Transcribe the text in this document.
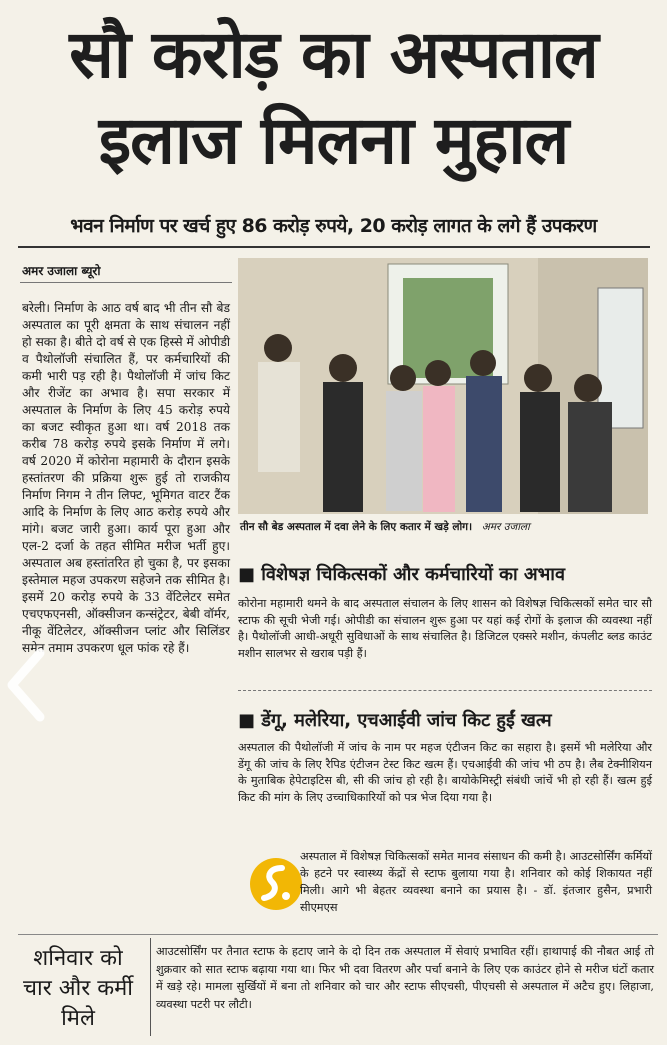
सौ करोड़ का अस्पताल
इलाज मिलना मुहाल
भवन निर्माण पर खर्च हुए 86 करोड़ रुपये, 20 करोड़ लागत के लगे हैं उपकरण
अमर उजाला ब्यूरो
बरेली। निर्माण के आठ वर्ष बाद भी तीन सौ बेड अस्पताल का पूरी क्षमता के साथ संचालन नहीं हो सका है। बीते दो वर्ष से एक हिस्से में ओपीडी व पैथोलॉजी संचालित हैं, पर कर्मचारियों की कमी भारी पड़ रही है। पैथोलॉजी में जांच किट और रीजेंट का अभाव है। सपा सरकार में अस्पताल के निर्माण के लिए 45 करोड़ रुपये का बजट स्वीकृत हुआ था। वर्ष 2018 तक करीब 78 करोड़ रुपये इसके निर्माण में लगे। वर्ष 2020 में कोरोना महामारी के दौरान इसके हस्तांतरण की प्रक्रिया शुरू हुई तो राजकीय निर्माण निगम ने तीन लिफ्ट, भूमिगत वाटर टैंक आदि के निर्माण के लिए आठ करोड़ रुपये और मांगे। बजट जारी हुआ। कार्य पूरा हुआ और एल-2 दर्जा के तहत सीमित मरीज भर्ती हुए। अस्पताल अब हस्तांतरित हो चुका है, पर इसका इस्तेमाल महज उपकरण सहेजने तक सीमित है। इसमें 20 करोड़ रुपये के 33 वेंटिलेटर समेत एचएफएनसी, ऑक्सीजन कन्संट्रेटर, बेबी वॉर्मर, नीकू वेंटिलेटर, ऑक्सीजन प्लांट और सिलिंडर समेत तमाम उपकरण धूल फांक रहे हैं।
तीन सौ बेड अस्पताल में दवा लेने के लिए कतार में खड़े लोग। अमर उजाला
■ विशेषज्ञ चिकित्सकों और कर्मचारियों का अभाव
कोरोना महामारी थमने के बाद अस्पताल संचालन के लिए शासन को विशेषज्ञ चिकित्सकों समेत चार सौ स्टाफ की सूची भेजी गई। ओपीडी का संचालन शुरू हुआ पर यहां कई रोगों के इलाज की व्यवस्था नहीं है। पैथोलॉजी आधी-अधूरी सुविधाओं के साथ संचालित है। डिजिटल एक्सरे मशीन, कंपलीट ब्लड काउंट मशीन सालभर से खराब पड़ी हैं।
■ डेंगू, मलेरिया, एचआईवी जांच किट हुईं खत्म
अस्पताल की पैथोलॉजी में जांच के नाम पर महज एंटीजन किट का सहारा है। इसमें भी मलेरिया और डेंगू की जांच के लिए रैपिड एंटीजन टेस्ट किट खत्म हैं। एचआईवी की जांच भी ठप है। लैब टेक्नीशियन के मुताबिक हेपेटाइटिस बी, सी की जांच हो रही है। बायोकेमिस्ट्री संबंधी जांचें भी हो रही हैं। खत्म हुई किट की मांग के लिए उच्चाधिकारियों को पत्र भेज दिया गया है।
अस्पताल में विशेषज्ञ चिकित्सकों समेत मानव संसाधन की कमी है। आउटसोर्सिंग कर्मियों के हटने पर स्वास्थ्य केंद्रों से स्टाफ बुलाया गया है। शनिवार को कोई शिकायत नहीं मिली। आगे भी बेहतर व्यवस्था बनाने का प्रयास है। - डॉ. इंतजार हुसैन, प्रभारी सीएमएस
शनिवार को चार और कर्मी मिले
आउटसोर्सिंग पर तैनात स्टाफ के हटाए जाने के दो दिन तक अस्पताल में सेवाएं प्रभावित रहीं। हाथापाई की नौबत आई तो शुक्रवार को सात स्टाफ बढ़ाया गया था। फिर भी दवा वितरण और पर्चा बनाने के लिए एक काउंटर होने से मरीज घंटों कतार में खड़े रहे। मामला सुर्खियों में बना तो शनिवार को चार और स्टाफ सीएचसी, पीएचसी से अस्पताल में अटैच हुए। लिहाजा, व्यवस्था पटरी पर लौटी।
